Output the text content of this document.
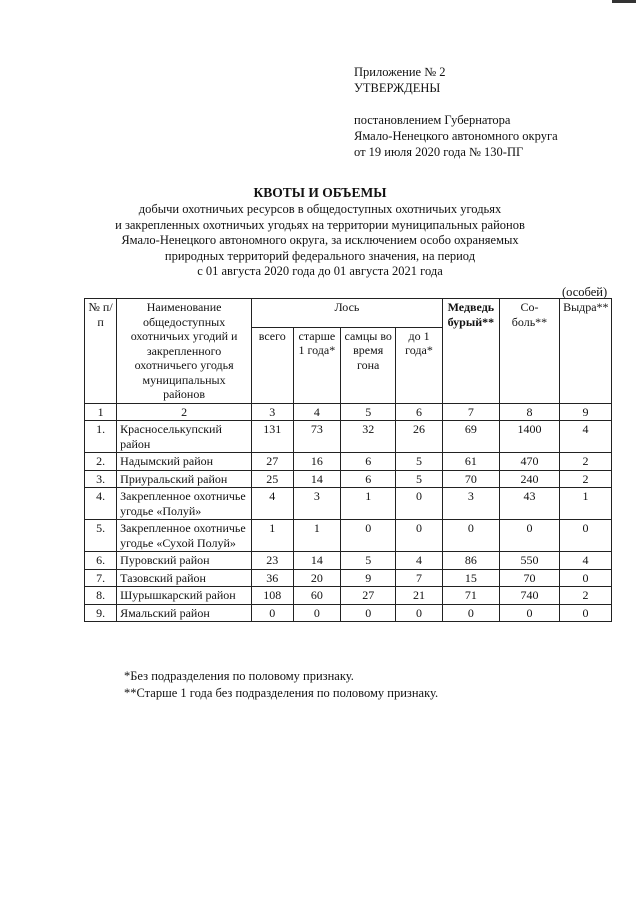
Приложение № 2
УТВЕРЖДЕНЫ
постановлением Губернатора
Ямало-Ненецкого автономного округа
от 19 июля 2020 года № 130-ПГ
КВОТЫ И ОБЪЕМЫ
добычи охотничьих ресурсов в общедоступных охотничьих угодьях
и закрепленных охотничьих угодьях на территории муниципальных районов
Ямало-Ненецкого автономного округа, за исключением особо охраняемых
природных территорий федерального значения, на период
с 01 августа 2020 года до 01 августа 2021 года
(особей)
№ п/п	Наименование общедоступных охотничьих угодий и закрепленного охотничьего угодья муниципальных районов	Лось				Медведь бурый**	Со-боль**	Выдра**
		всего	старше 1 года*	самцы во время гона	до 1 года*			
1	2	3	4	5	6	7	8	9
1.	Красноселькупский район	131	73	32	26	69	1400	4
2.	Надымский район	27	16	6	5	61	470	2
3.	Приуральский район	25	14	6	5	70	240	2
4.	Закрепленное охотничье угодье «Полуй»	4	3	1	0	3	43	1
5.	Закрепленное охотничье угодье «Сухой Полуй»	1	1	0	0	0	0	0
6.	Пуровский район	23	14	5	4	86	550	4
7.	Тазовский район	36	20	9	7	15	70	0
8.	Шурышкарский район	108	60	27	21	71	740	2
9.	Ямальский район	0	0	0	0	0	0	0
*Без подразделения по половому признаку.
**Старше 1 года без подразделения по половому признаку.
